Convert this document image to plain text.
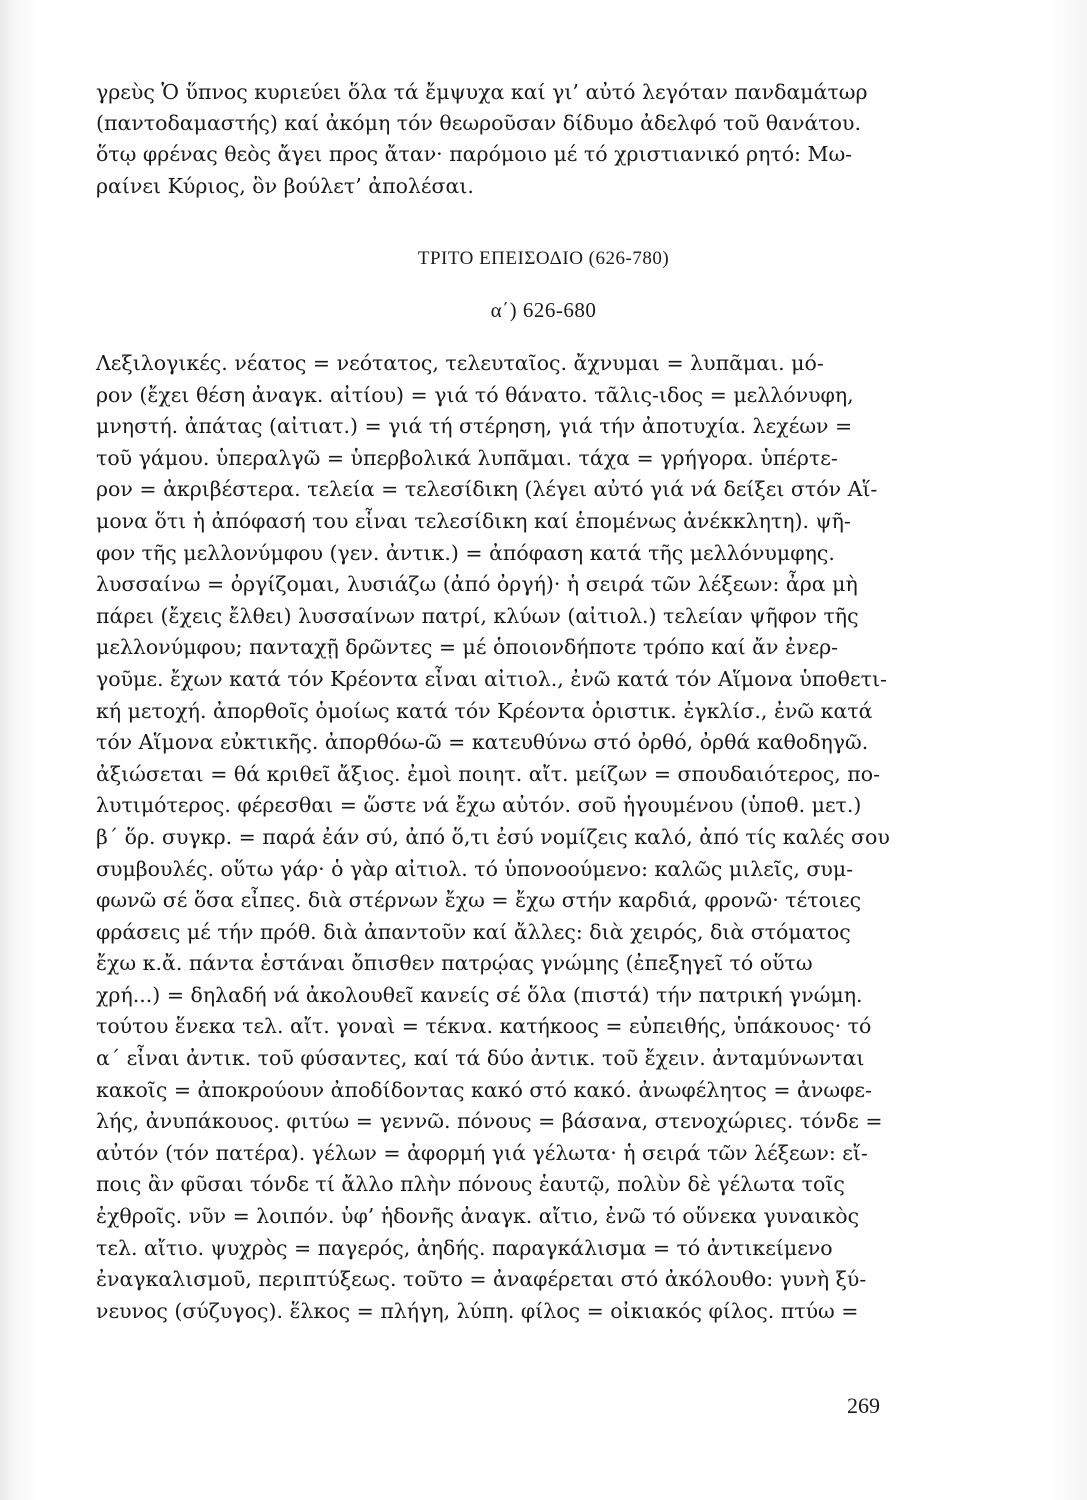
γρεὺς Ὁ ὕπνος κυριεύει ὅλα τά ἔμψυχα καί γι’ αὐτό λεγόταν πανδαμάτωρ
(παντοδαμαστής) καί ἀκόμη τόν θεωροῦσαν δίδυμο ἀδελφό τοῦ θανάτου.
ὅτῳ φρένας θεὸς ἄγει προς ἄταν· παρόμοιο μέ τό χριστιανικό ρητό: Μω-
ραίνει Κύριος, ὃν βούλετ’ ἀπολέσαι.
ΤΡΙΤΟ ΕΠΕΙΣΟΔΙΟ (626-780)
α΄) 626-680
Λεξιλογικές. νέατος = νεότατος, τελευταῖος. ἄχνυμαι = λυπᾶμαι. μό-
ρον (ἔχει θέση ἀναγκ. αἰτίου) = γιά τό θάνατο. τᾶλις-ιδος = μελλόνυφη,
μνηστή. ἀπάτας (αἰτιατ.) = γιά τή στέρηση, γιά τήν ἀποτυχία. λεχέων =
τοῦ γάμου. ὑπεραλγῶ = ὑπερβολικά λυπᾶμαι. τάχα = γρήγορα. ὑπέρτε-
ρον = ἀκριβέστερα. τελεία = τελεσίδικη (λέγει αὐτό γιά νά δείξει στόν Αἵ-
μονα ὅτι ἡ ἀπόφασή του εἶναι τελεσίδικη καί ἑπομένως ἀνέκκλητη). ψῆ-
φον τῆς μελλονύμφου (γεν. ἀντικ.) = ἀπόφαση κατά τῆς μελλόνυμφης.
λυσσαίνω = ὀργίζομαι, λυσιάζω (ἀπό ὀργή)· ἡ σειρά τῶν λέξεων: ἆρα μὴ
πάρει (ἔχεις ἔλθει) λυσσαίνων πατρί, κλύων (αἰτιολ.) τελείαν ψῆφον τῆς
μελλονύμφου; πανταχῇ δρῶντες = μέ ὁποιονδήποτε τρόπο καί ἄν ἐνερ-
γοῦμε. ἔχων κατά τόν Κρέοντα εἶναι αἰτιολ., ἐνῶ κατά τόν Αἵμονα ὑποθετι-
κή μετοχή. ἀπορθοῖς ὁμοίως κατά τόν Κρέοντα ὁριστικ. ἐγκλίσ., ἐνῶ κατά
τόν Αἵμονα εὐκτικῆς. ἀπορθόω-ῶ = κατευθύνω στό ὀρθό, ὀρθά καθοδηγῶ.
ἀξιώσεται = θά κριθεῖ ἄξιος. ἐμοὶ ποιητ. αἴτ. μείζων = σπουδαιότερος, πο-
λυτιμότερος. φέρεσθαι = ὥστε νά ἔχω αὐτόν. σοῦ ἡγουμένου (ὑποθ. μετ.)
β΄ ὅρ. συγκρ. = παρά ἐάν σύ, ἀπό ὅ,τι ἐσύ νομίζεις καλό, ἀπό τίς καλές σου
συμβουλές. οὕτω γάρ· ὁ γὰρ αἰτιολ. τό ὑπονοούμενο: καλῶς μιλεῖς, συμ-
φωνῶ σέ ὅσα εἶπες. διὰ στέρνων ἔχω = ἔχω στήν καρδιά, φρονῶ· τέτοιες
φράσεις μέ τήν πρόθ. διὰ ἀπαντοῦν καί ἄλλες: διὰ χειρός, διὰ στόματος
ἔχω κ.ἄ. πάντα ἑστάναι ὄπισθεν πατρῴας γνώμης (ἐπεξηγεῖ τό οὕτω
χρή...) = δηλαδή νά ἀκολουθεῖ κανείς σέ ὅλα (πιστά) τήν πατρική γνώμη.
τούτου ἕνεκα τελ. αἴτ. γοναὶ = τέκνα. κατήκοος = εὐπειθής, ὑπάκουος· τό
α΄ εἶναι ἀντικ. τοῦ φύσαντες, καί τά δύο ἀντικ. τοῦ ἔχειν. ἀνταμύνωνται
κακοῖς = ἀποκρούουν ἀποδίδοντας κακό στό κακό. ἀνωφέλητος = ἀνωφε-
λής, ἀνυπάκουος. φιτύω = γεννῶ. πόνους = βάσανα, στενοχώριες. τόνδε =
αὐτόν (τόν πατέρα). γέλων = ἀφορμή γιά γέλωτα· ἡ σειρά τῶν λέξεων: εἴ-
ποις ἂν φῦσαι τόνδε τί ἄλλο πλὴν πόνους ἑαυτῷ, πολὺν δὲ γέλωτα τοῖς
ἐχθροῖς. νῦν = λοιπόν. ὑφ’ ἡδονῆς ἀναγκ. αἴτιο, ἐνῶ τό οὕνεκα γυναικὸς
τελ. αἴτιο. ψυχρὸς = παγερός, ἀηδής. παραγκάλισμα = τό ἀντικείμενο
ἐναγκαλισμοῦ, περιπτύξεως. τοῦτο = ἀναφέρεται στό ἀκόλουθο: γυνὴ ξύ-
νευνος (σύζυγος). ἕλκος = πλήγη, λύπη. φίλος = οἰκιακός φίλος. πτύω =
269
